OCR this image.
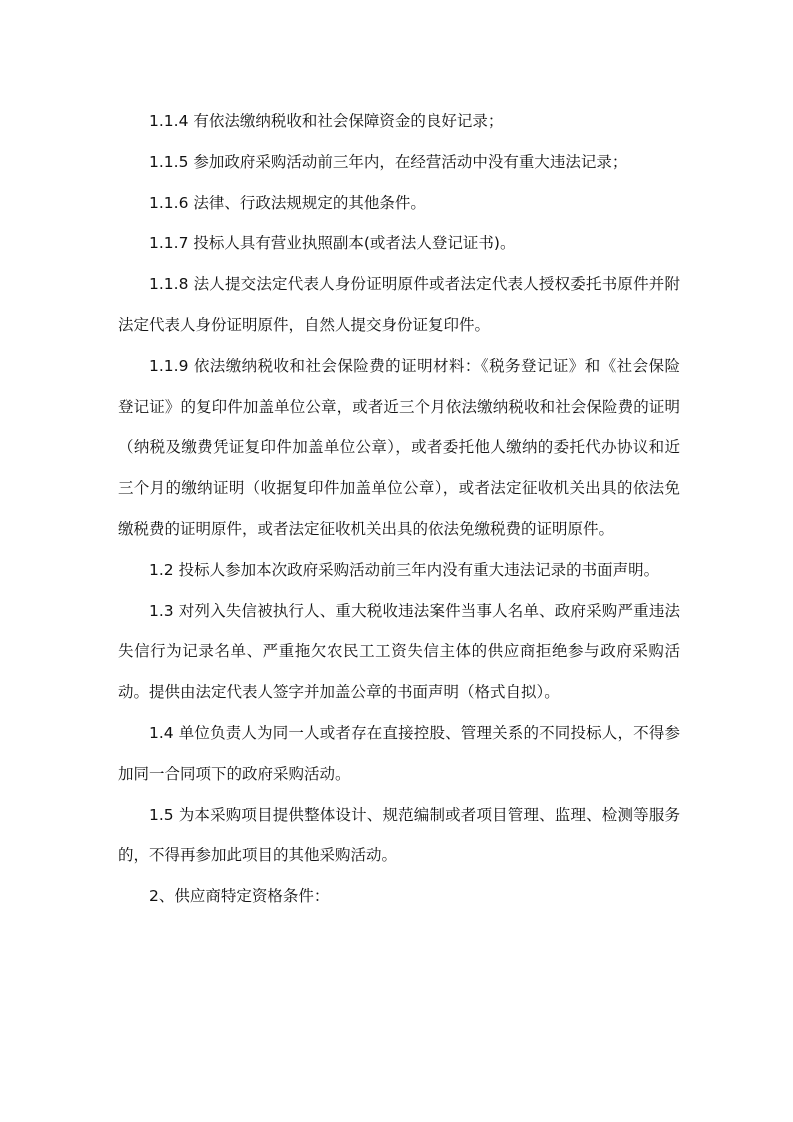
1.1.4 有依法缴纳税收和社会保障资金的良好记录；

1.1.5 参加政府采购活动前三年内，在经营活动中没有重大违法记录；

1.1.6 法律、行政法规规定的其他条件。

1.1.7 投标人具有营业执照副本(或者法人登记证书)。

1.1.8 法人提交法定代表人身份证明原件或者法定代表人授权委托书原件并附法定代表人身份证明原件，自然人提交身份证复印件。

1.1.9 依法缴纳税收和社会保险费的证明材料：《税务登记证》和《社会保险登记证》的复印件加盖单位公章，或者近三个月依法缴纳税收和社会保险费的证明（纳税及缴费凭证复印件加盖单位公章），或者委托他人缴纳的委托代办协议和近三个月的缴纳证明（收据复印件加盖单位公章），或者法定征收机关出具的依法免缴税费的证明原件，或者法定征收机关出具的依法免缴税费的证明原件。

1.2 投标人参加本次政府采购活动前三年内没有重大违法记录的书面声明。

1.3 对列入失信被执行人、重大税收违法案件当事人名单、政府采购严重违法失信行为记录名单、严重拖欠农民工工资失信主体的供应商拒绝参与政府采购活动。提供由法定代表人签字并加盖公章的书面声明（格式自拟）。

1.4 单位负责人为同一人或者存在直接控股、管理关系的不同投标人，不得参加同一合同项下的政府采购活动。

1.5 为本采购项目提供整体设计、规范编制或者项目管理、监理、检测等服务的，不得再参加此项目的其他采购活动。

2、供应商特定资格条件：
